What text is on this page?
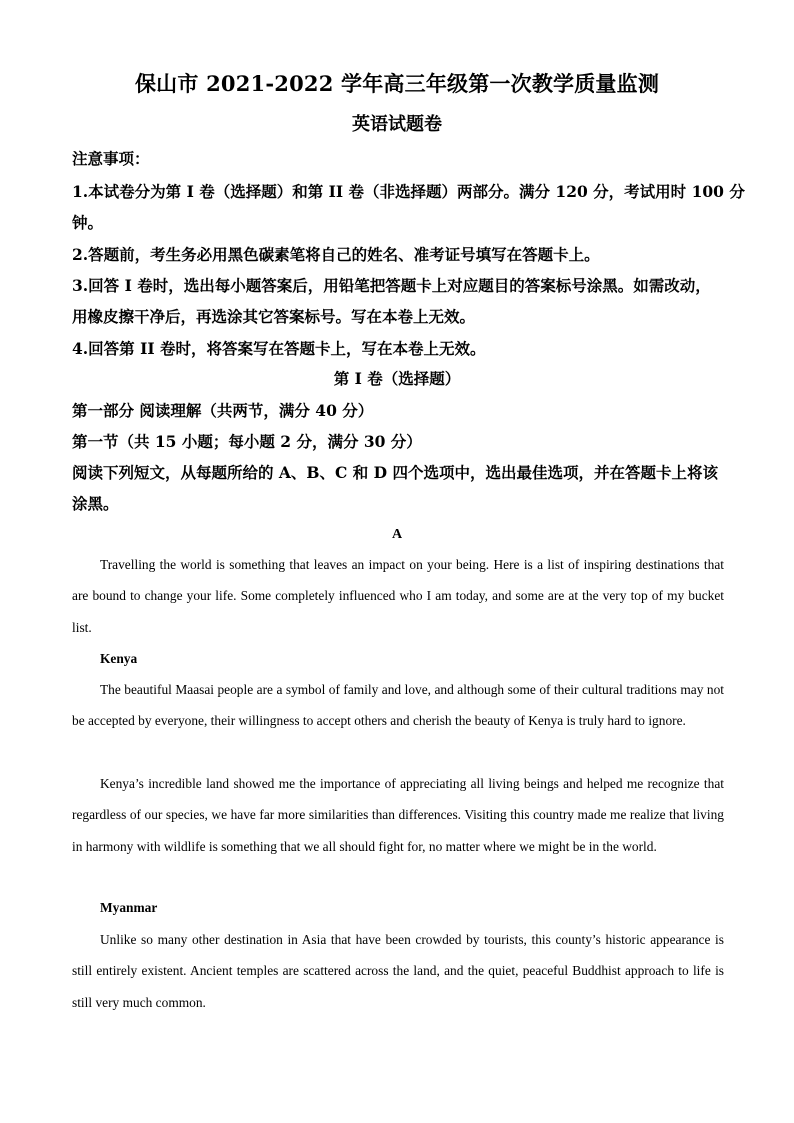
保山市 2021-2022 学年高三年级第一次教学质量监测
英语试题卷
注意事项：
1.本试卷分为第 I 卷（选择题）和第 II 卷（非选择题）两部分。满分 120 分，考试用时 100 分
钟。
2.答题前，考生务必用黑色碳素笔将自己的姓名、准考证号填写在答题卡上。
3.回答 I 卷时，选出每小题答案后，用铅笔把答题卡上对应题目的答案标号涂黑。如需改动，
用橡皮擦干净后，再选涂其它答案标号。写在本卷上无效。
4.回答第 II 卷时，将答案写在答题卡上，写在本卷上无效。
第 I 卷（选择题）
第一部分 阅读理解（共两节，满分 40 分）
第一节（共 15 小题；每小题 2 分，满分 30 分）
阅读下列短文，从每题所给的 A、B、C 和 D 四个选项中，选出最佳选项，并在答题卡上将该
涂黑。
A
Travelling the world is something that leaves an impact on your being. Here is a list of inspiring destinations that are bound to change your life. Some completely influenced who I am today, and some are at the very top of my bucket list.
Kenya
The beautiful Maasai people are a symbol of family and love, and although some of their cultural traditions may not be accepted by everyone, their willingness to accept others and cherish the beauty of Kenya is truly hard to ignore.
Kenya’s incredible land showed me the importance of appreciating all living beings and helped me recognize that regardless of our species, we have far more similarities than differences. Visiting this country made me realize that living in harmony with wildlife is something that we all should fight for, no matter where we might be in the world.
Myanmar
Unlike so many other destination in Asia that have been crowded by tourists, this county’s historic appearance is still entirely existent. Ancient temples are scattered across the land, and the quiet, peaceful Buddhist approach to life is still very much common.
